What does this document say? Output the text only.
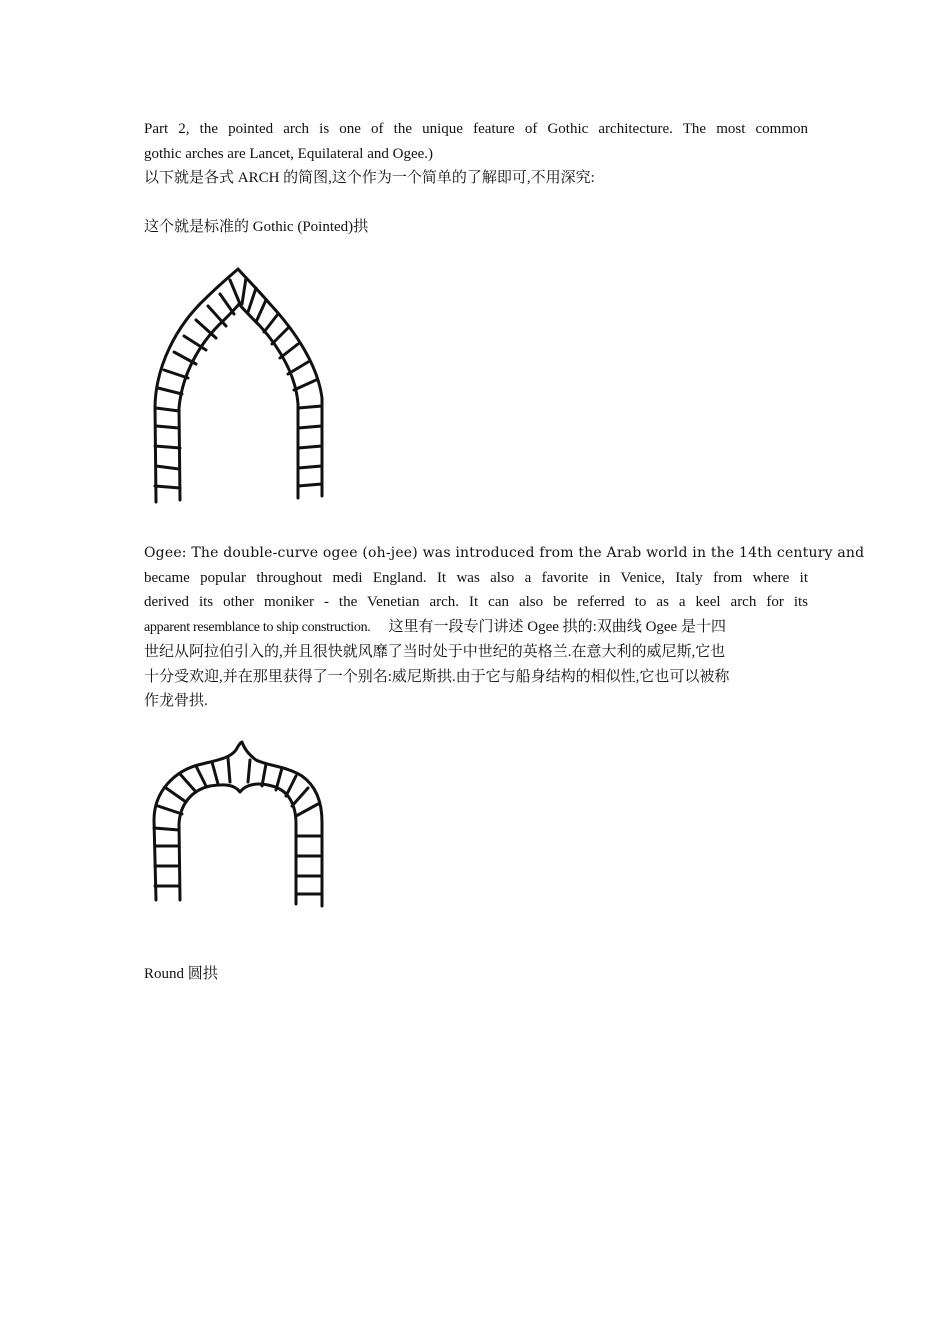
Part 2, the pointed arch is one of the unique feature of Gothic architecture. The most common
gothic arches are Lancet, Equilateral and Ogee.)
以下就是各式 ARCH 的简图,这个作为一个简单的了解即可,不用深究:
这个就是标准的 Gothic (Pointed)拱
Ogee: The double-curve ogee (oh-jee) was introduced from the Arab world in the 14th century and
became popular throughout medi England. It was also a favorite in Venice, Italy from where it
derived its other moniker - the Venetian arch. It can also be referred to as a keel arch for its
apparent resemblance to ship construction. 这里有一段专门讲述 Ogee 拱的:双曲线 Ogee 是十四
世纪从阿拉伯引入的,并且很快就风靡了当时处于中世纪的英格兰.在意大利的威尼斯,它也
十分受欢迎,并在那里获得了一个别名:威尼斯拱.由于它与船身结构的相似性,它也可以被称
作龙骨拱.
Round 圆拱
